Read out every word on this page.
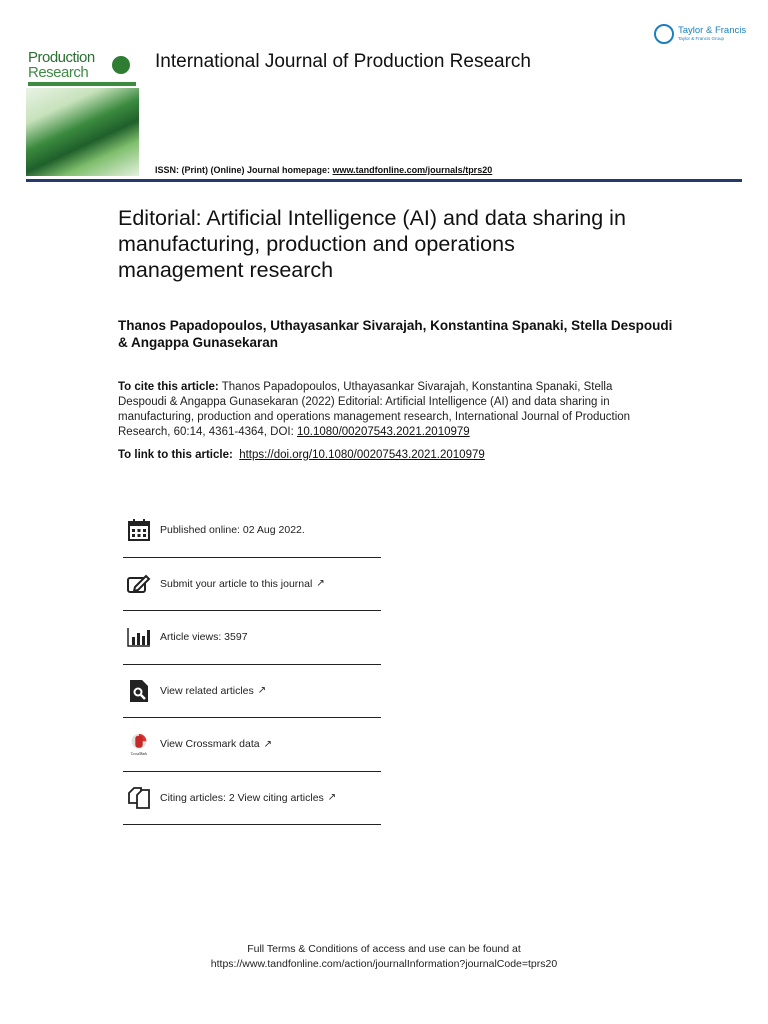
Production
Research
Taylor & Francis
Taylor & Francis Group
International Journal of Production Research
ISSN: (Print) (Online) Journal homepage: www.tandfonline.com/journals/tprs20
Editorial: Artificial Intelligence (AI) and data sharing in manufacturing, production and operations management research
Thanos Papadopoulos, Uthayasankar Sivarajah, Konstantina Spanaki, Stella Despoudi & Angappa Gunasekaran
To cite this article: Thanos Papadopoulos, Uthayasankar Sivarajah, Konstantina Spanaki, Stella Despoudi & Angappa Gunasekaran (2022) Editorial: Artificial Intelligence (AI) and data sharing in manufacturing, production and operations management research, International Journal of Production Research, 60:14, 4361-4364, DOI: 10.1080/00207543.2021.2010979
To link to this article: https://doi.org/10.1080/00207543.2021.2010979
Published online: 02 Aug 2022.
Submit your article to this journal ↗
Article views: 3597
View related articles ↗
CrossMark
View Crossmark data ↗
Citing articles: 2 View citing articles ↗
Full Terms & Conditions of access and use can be found at
https://www.tandfonline.com/action/journalInformation?journalCode=tprs20
